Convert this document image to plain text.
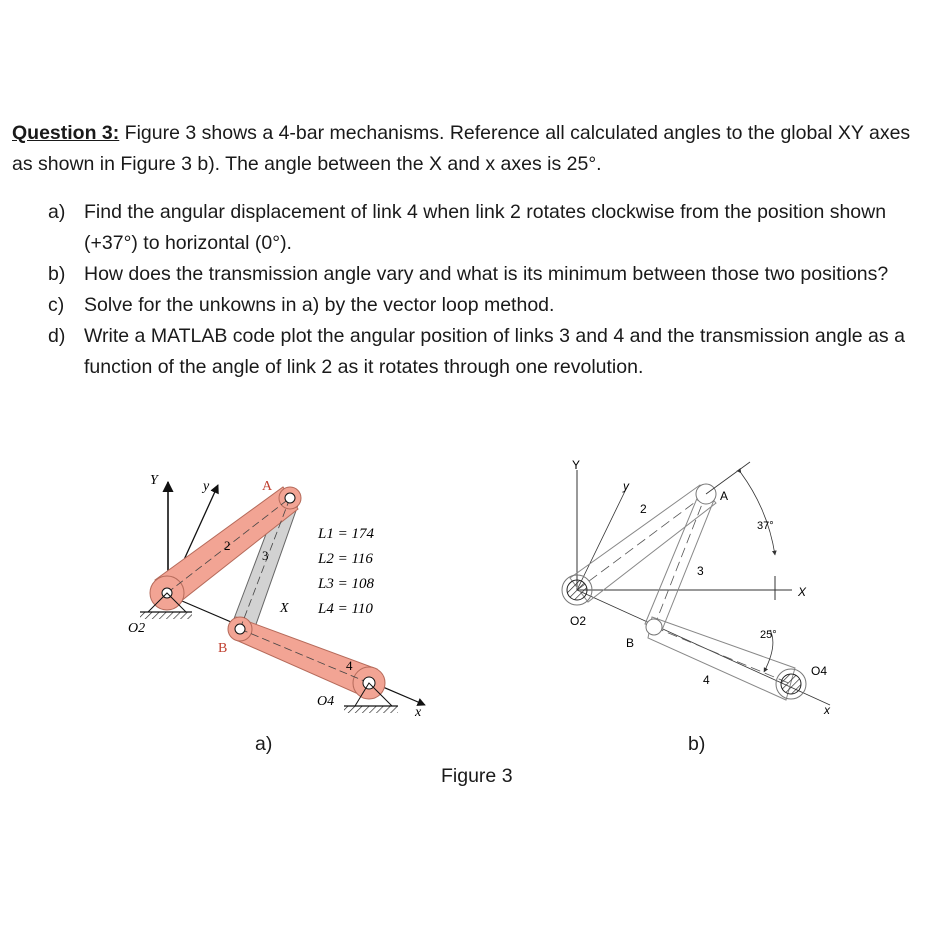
Question 3: Figure 3 shows a 4-bar mechanisms. Reference all calculated angles to the global XY axes as shown in Figure 3 b). The angle between the X and x axes is 25°.
a) Find the angular displacement of link 4 when link 2 rotates clockwise from the position shown (+37°) to horizontal (0°).
b) How does the transmission angle vary and what is its minimum between those two positions?
c) Solve for the unkowns in a) by the vector loop method.
d) Write a MATLAB code plot the angular position of links 3 and 4 and the transmission angle as a function of the angle of link 2 as it rotates through one revolution.
Y	y	A
B
X
x
O2
O4
2
3
4
L1 = 174
L2 = 116
L3 = 108
L4 = 110
Y
y
A
B
X
x
O2
O4
2
3
4
37°
25°
a)	b)
Figure 3
